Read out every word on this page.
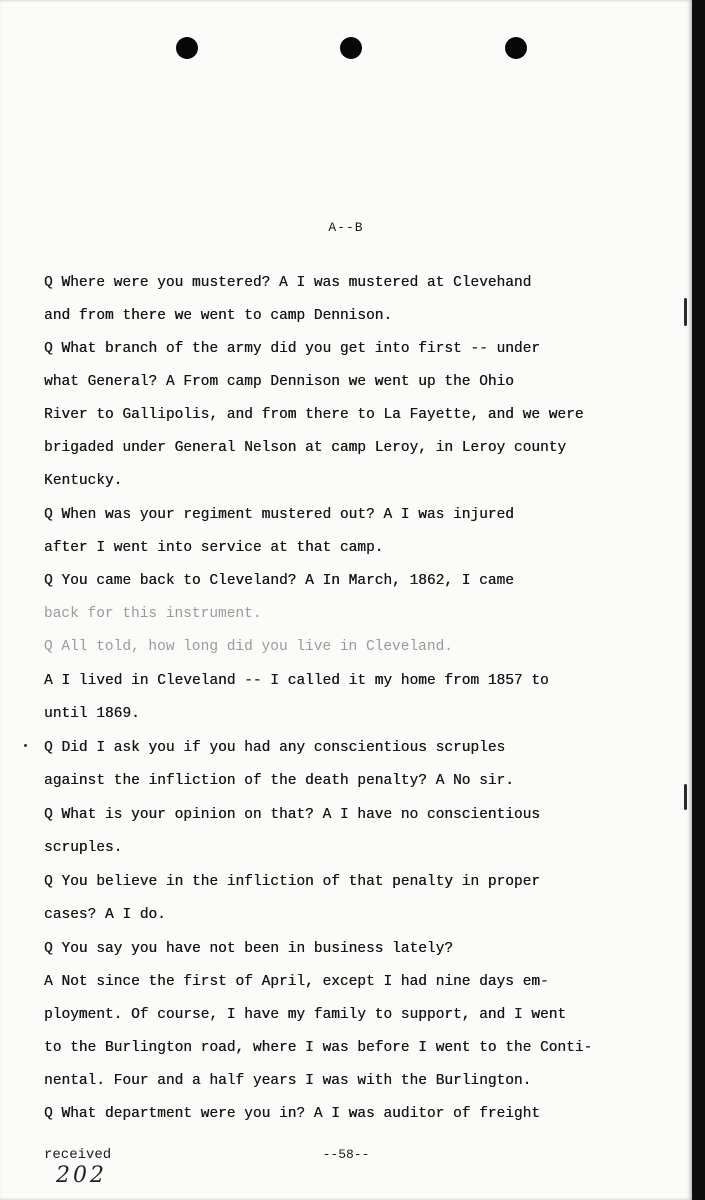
A--B
Q Where were you mustered? A I was mustered at Clevehand
and from there we went to camp Dennison.
Q What branch of the army did you get into first -- under
what General? A From camp Dennison we went up the Ohio
River to Gallipolis, and from there to La Fayette, and we were
brigaded under General Nelson at camp Leroy, in Leroy county
Kentucky.
Q When was your regiment mustered out? A I was injured
after I went into service at that camp.
Q You came back to Cleveland? A In March, 1862, I came
back for this instrument.
Q All told, how long did you live in Cleveland.
A I lived in Cleveland -- I called it my home from 1857 to
until 1869.
Q Did I ask you if you had any conscientious scruples
against the infliction of the death penalty? A No sir.
Q What is your opinion on that? A I have no conscientious
scruples.
Q You believe in the infliction of that penalty in proper
cases? A I do.
Q You say you have not been in business lately?
A Not since the first of April, except I had nine days em-
ployment. Of course, I have my family to support, and I went
to the Burlington road, where I was before I went to the Conti-
nental. Four and a half years I was with the Burlington.
Q What department were you in? A I was auditor of freight
received	--58--
202
